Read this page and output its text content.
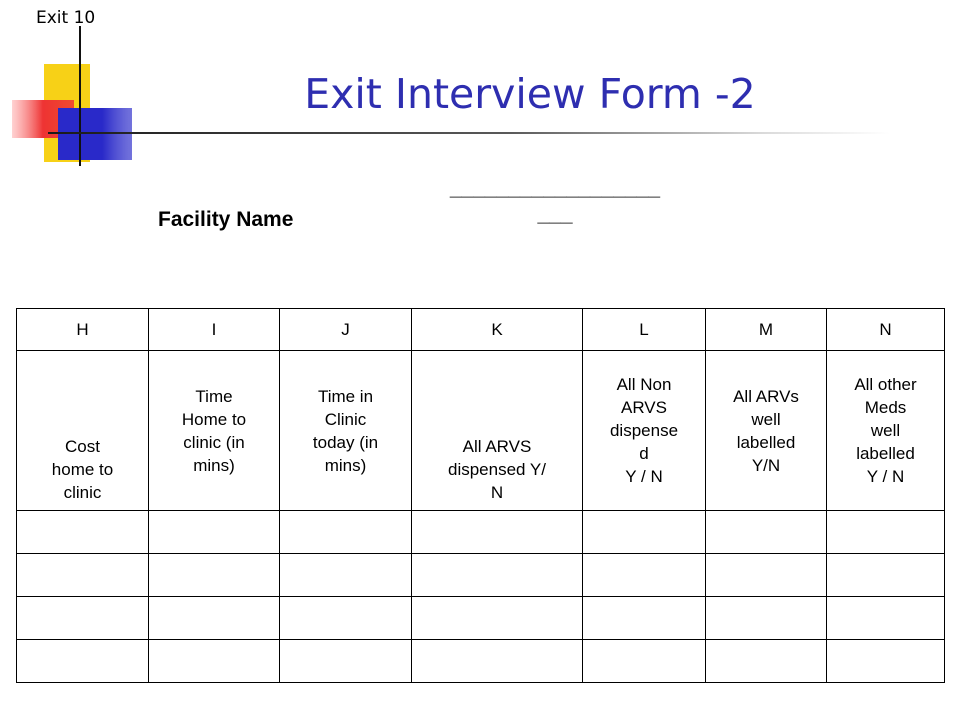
Exit 10
Exit Interview Form -2
Facility Name
__________________
___
H	I	J	K	L	M	N
Cost
home to
clinic	Time
Home to
clinic (in
mins)	Time in
Clinic
today (in
mins)	All ARVS
dispensed Y/
N	All Non
ARVS
dispense
d
Y / N	All ARVs
well
labelled
Y/N	All other
Meds
well
labelled
Y / N
